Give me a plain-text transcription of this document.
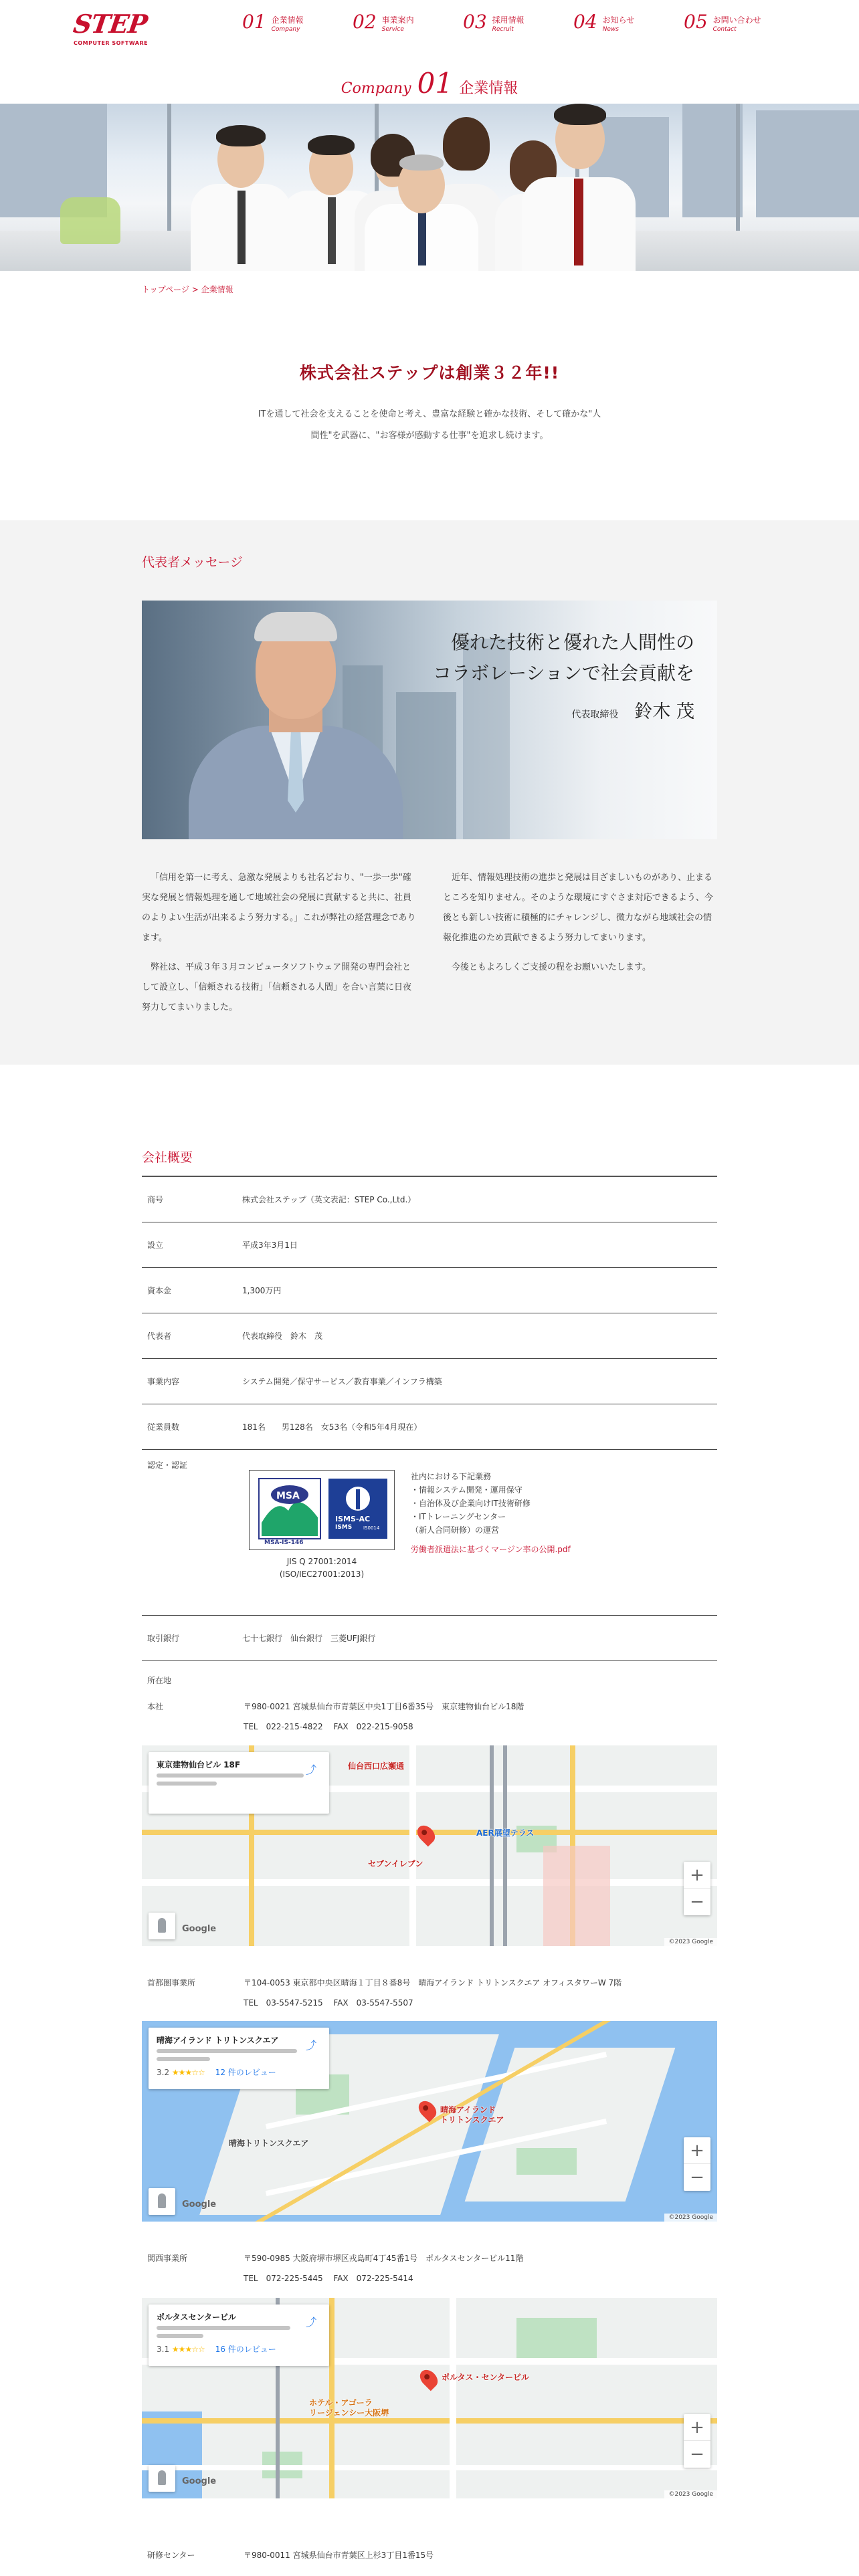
STEP
COMPUTER SOFTWARE
01 企業情報
Company	02 事業案内
Service	03 採用情報
Recruit	04 お知らせ
News	05 お問い合わせ
Contact
Company 01 企業情報
トップページ > 企業情報
株式会社ステップは創業３２年!!
ITを通して社会を支えることを使命と考え、豊富な経験と確かな技術、そして確かな"人
間性"を武器に、"お客様が感動する仕事"を追求し続けます。
代表者メッセージ
優れた技術と優れた人間性の
コラボレーションで社会貢献を
代表取締役 鈴木 茂

「信用を第一に考え、急激な発展よりも社名どおり、"一歩一歩"確実な発展と情報処理を通して地域社会の発展に貢献すると共に、社員のよりよい生活が出来るよう努力する。」これが弊社の経営理念であります。

弊社は、平成３年３月コンピュータソフトウェア開発の専門会社として設立し、「信頼される技術」「信頼される人間」を合い言葉に日夜努力してまいりました。

近年、情報処理技術の進歩と発展は目ざましいものがあり、止まるところを知りません。そのような環境にすぐさま対応できるよう、今後とも新しい技術に積極的にチャレンジし、微力ながら地域社会の情報化推進のため貢献できるよう努力してまいります。

今後ともよろしくご支援の程をお願いいたします。

会社概要
商号	株式会社ステップ（英文表記：STEP Co.,Ltd.）
設立	平成3年3月1日
資本金	1,300万円
代表者	代表取締役　鈴木　茂
事業内容	システム開発／保守サービス／教育事業／インフラ構築
従業員数	181名　　男128名　女53名（令和5年4月現在）
認定・認証
MSA
MSA-IS-146
ISMS-AC
ISMS IS0014
JIS Q 27001:2014
(ISO/IEC27001:2013)
社内における下記業務
・情報システム開発・運用保守
・自治体及び企業向けIT技術研修
・ITトレーニングセンター
（新人合同研修）の運営
労働者派遣法に基づくマージン率の公開.pdf
取引銀行	七十七銀行　仙台銀行　三菱UFJ銀行
所在地
本社	〒980-0021 宮城県仙台市青葉区中央1丁目6番35号　東京建物仙台ビル18階
TEL　022-215-4822　 FAX　022-215-9058
セブンイレブン
仙台西口広瀬通
AER展望テラス
東京建物仙台ビル 18F	⤴
+
−
Google
©2023 Google
首都圏事業所	〒104-0053 東京都中央区晴海１丁目８番8号　晴海アイランド トリトンスクエア オフィスタワーW 7階
TEL　03-5547-5215　 FAX　03-5547-5507
晴海アイランド
トリトンスクエア
晴海トリトンスクエア
晴海アイランド トリトンスクエア
3.2 ★★★☆☆ 12 件のレビュー
⤴
+
−
Google
©2023 Google
関西事業所	〒590-0985 大阪府堺市堺区戎島町4丁45番1号　ポルタスセンタービル11階
TEL　072-225-5445　 FAX　072-225-5414
ポルタス・センタービル
ホテル・アゴーラ
リージェンシー大阪堺
ポルタスセンタービル
3.1 ★★★☆☆ 16 件のレビュー
⤴
+
−
Google
©2023 Google
研修センター	〒980-0011 宮城県仙台市青葉区上杉3丁目1番15号
